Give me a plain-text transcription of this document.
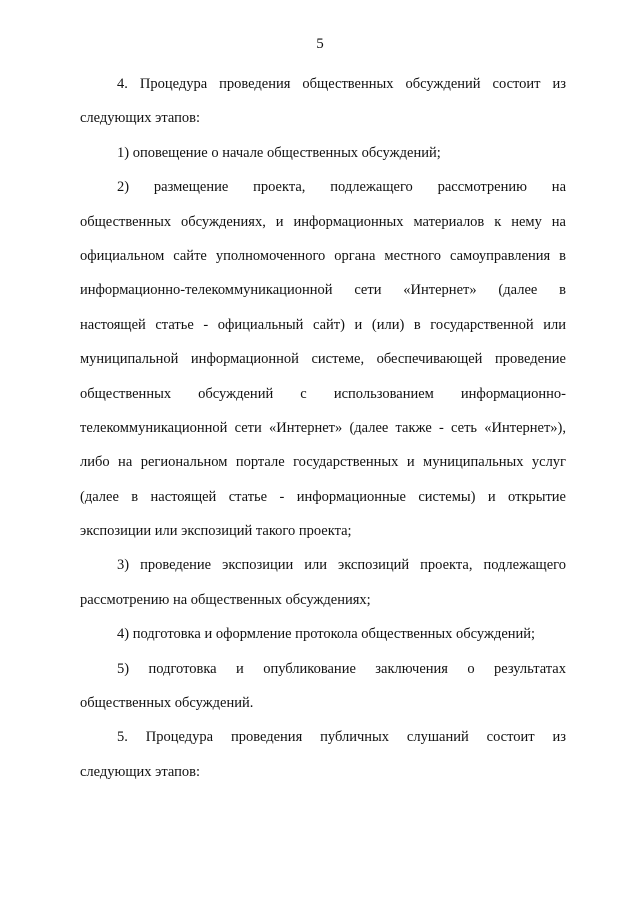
5
4. Процедура проведения общественных обсуждений состоит из
следующих этапов:
1) оповещение о начале общественных обсуждений;
2) размещение проекта, подлежащего рассмотрению на
общественных обсуждениях, и информационных материалов к нему на
официальном сайте уполномоченного органа местного самоуправления в
информационно-телекоммуникационной сети «Интернет» (далее в
настоящей статье - официальный сайт) и (или) в государственной или
муниципальной информационной системе, обеспечивающей проведение
общественных обсуждений с использованием информационно-
телекоммуникационной сети «Интернет» (далее также - сеть «Интернет»),
либо на региональном портале государственных и муниципальных услуг
(далее в настоящей статье - информационные системы) и открытие
экспозиции или экспозиций такого проекта;
3) проведение экспозиции или экспозиций проекта, подлежащего
рассмотрению на общественных обсуждениях;
4) подготовка и оформление протокола общественных обсуждений;
5) подготовка и опубликование заключения о результатах
общественных обсуждений.
5. Процедура проведения публичных слушаний состоит из
следующих этапов:
